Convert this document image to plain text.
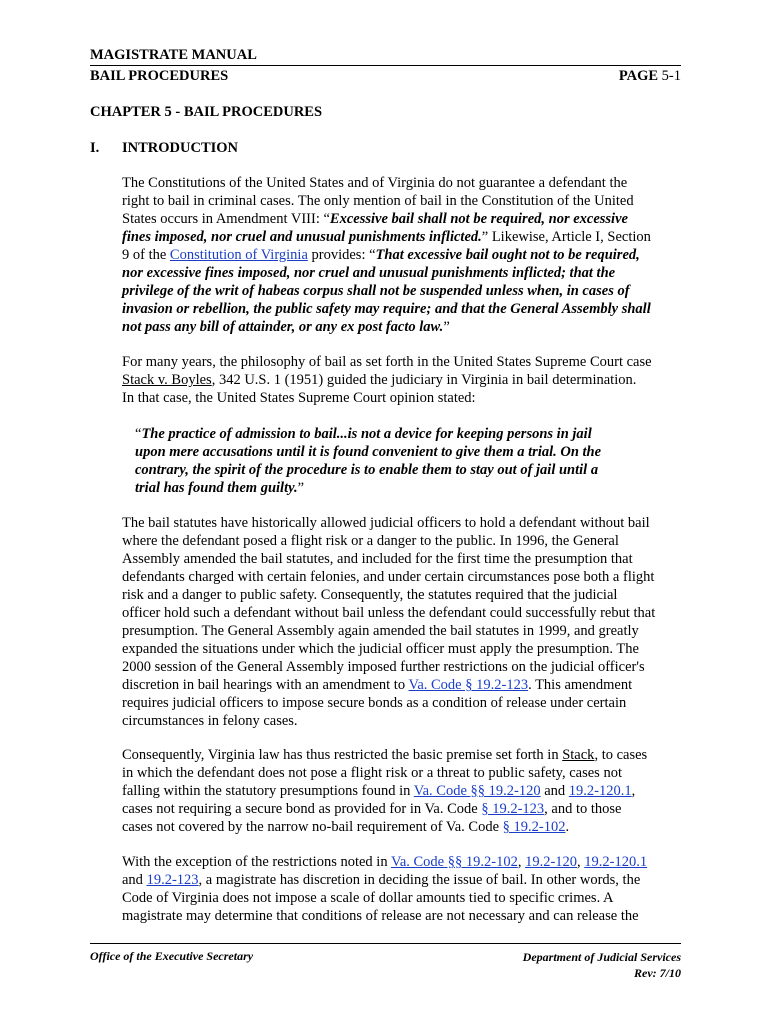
MAGISTRATE MANUAL
BAIL PROCEDURES	PAGE 5-1
CHAPTER 5 - BAIL PROCEDURES
I. INTRODUCTION
The Constitutions of the United States and of Virginia do not guarantee a defendant the
right to bail in criminal cases. The only mention of bail in the Constitution of the United
States occurs in Amendment VIII: “Excessive bail shall not be required, nor excessive
fines imposed, nor cruel and unusual punishments inflicted.” Likewise, Article I, Section
9 of the Constitution of Virginia provides: “That excessive bail ought not to be required,
nor excessive fines imposed, nor cruel and unusual punishments inflicted; that the
privilege of the writ of habeas corpus shall not be suspended unless when, in cases of
invasion or rebellion, the public safety may require; and that the General Assembly shall
not pass any bill of attainder, or any ex post facto law.”
For many years, the philosophy of bail as set forth in the United States Supreme Court case
Stack v. Boyles, 342 U.S. 1 (1951) guided the judiciary in Virginia in bail determination.
In that case, the United States Supreme Court opinion stated:
“The practice of admission to bail...is not a device for keeping persons in jail
upon mere accusations until it is found convenient to give them a trial. On the
contrary, the spirit of the procedure is to enable them to stay out of jail until a
trial has found them guilty.”
The bail statutes have historically allowed judicial officers to hold a defendant without bail
where the defendant posed a flight risk or a danger to the public. In 1996, the General
Assembly amended the bail statutes, and included for the first time the presumption that
defendants charged with certain felonies, and under certain circumstances pose both a flight
risk and a danger to public safety. Consequently, the statutes required that the judicial
officer hold such a defendant without bail unless the defendant could successfully rebut that
presumption. The General Assembly again amended the bail statutes in 1999, and greatly
expanded the situations under which the judicial officer must apply the presumption. The
2000 session of the General Assembly imposed further restrictions on the judicial officer's
discretion in bail hearings with an amendment to Va. Code § 19.2-123. This amendment
requires judicial officers to impose secure bonds as a condition of release under certain
circumstances in felony cases.
Consequently, Virginia law has thus restricted the basic premise set forth in Stack, to cases
in which the defendant does not pose a flight risk or a threat to public safety, cases not
falling within the statutory presumptions found in Va. Code §§ 19.2-120 and 19.2-120.1,
cases not requiring a secure bond as provided for in Va. Code § 19.2-123, and to those
cases not covered by the narrow no-bail requirement of Va. Code § 19.2-102.
With the exception of the restrictions noted in Va. Code §§ 19.2-102, 19.2-120, 19.2-120.1
and 19.2-123, a magistrate has discretion in deciding the issue of bail. In other words, the
Code of Virginia does not impose a scale of dollar amounts tied to specific crimes. A
magistrate may determine that conditions of release are not necessary and can release the
Office of the Executive Secretary	Department of Judicial Services
Rev: 7/10
